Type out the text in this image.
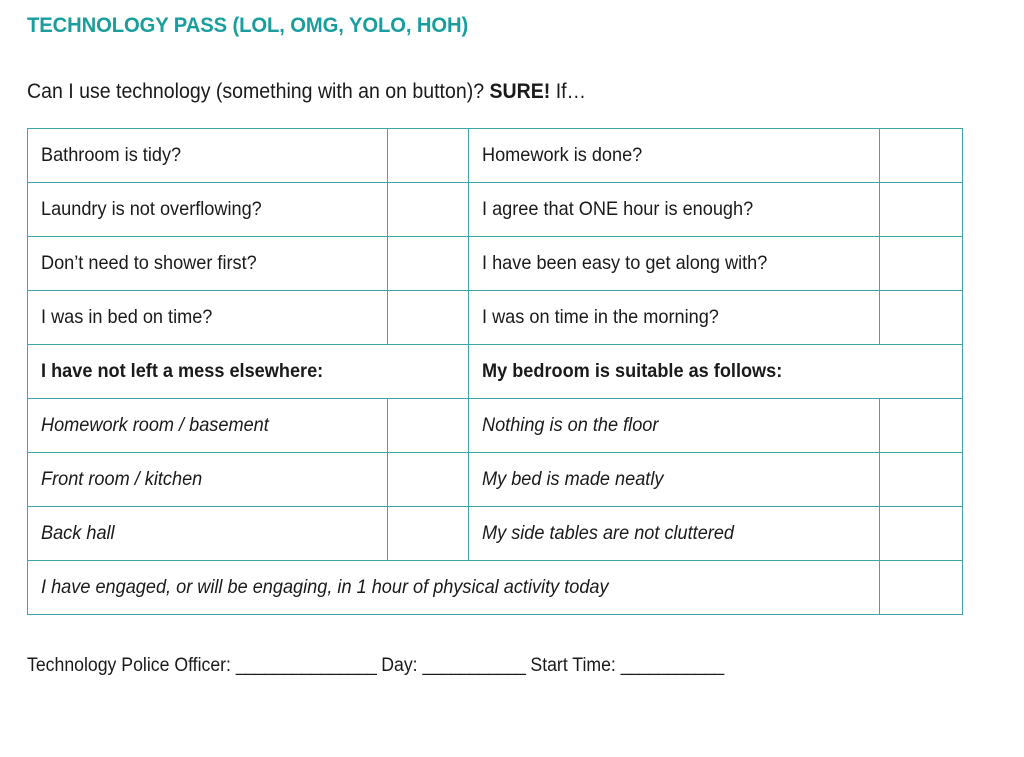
TECHNOLOGY PASS (LOL, OMG, YOLO, HOH)
Can I use technology (something with an on button)? SURE! If…
Bathroom is tidy?		Homework is done?	
Laundry is not overflowing?		I agree that ONE hour is enough?	
Don’t need to shower first?		I have been easy to get along with?	
I was in bed on time?		I was on time in the morning?	
I have not left a mess elsewhere:		My bedroom is suitable as follows:	
Homework room / basement		Nothing is on the floor	
Front room / kitchen		My bed is made neatly	
Back hall		My side tables are not cluttered	
I have engaged, or will be engaging, in 1 hour of physical activity today			
Technology Police Officer: _______________ Day: ___________ Start Time: ___________
